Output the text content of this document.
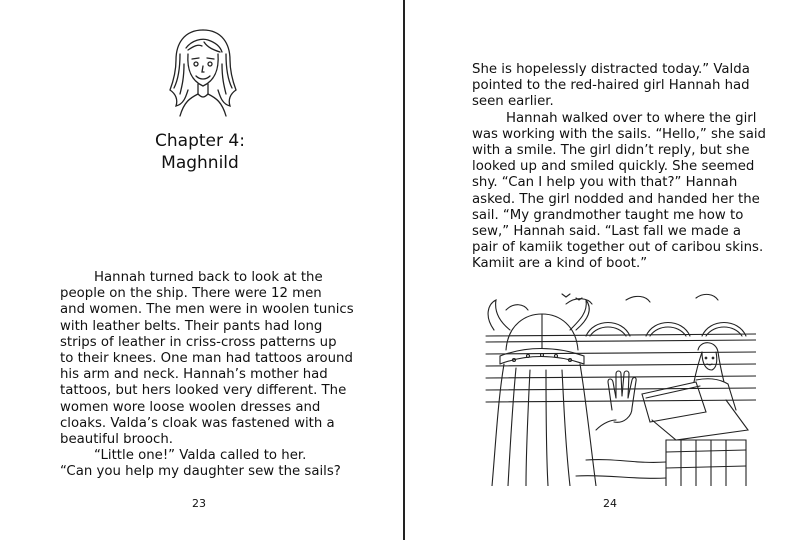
Chapter 4:
Maghnild
Hannah turned back to look at the
people on the ship. There were 12 men
and women. The men were in woolen tunics
with leather belts. Their pants had long
strips of leather in criss-cross patterns up
to their knees. One man had tattoos around
his arm and neck. Hannah’s mother had
tattoos, but hers looked very different. The
women wore loose woolen dresses and
cloaks. Valda’s cloak was fastened with a
beautiful brooch.
“Little one!” Valda called to her.
“Can you help my daughter sew the sails?
23	24
She is hopelessly distracted today.” Valda
pointed to the red-haired girl Hannah had
seen earlier.
Hannah walked over to where the girl
was working with the sails. “Hello,” she said
with a smile. The girl didn’t reply, but she
looked up and smiled quickly. She seemed
shy. “Can I help you with that?” Hannah
asked. The girl nodded and handed her the
sail. “My grandmother taught me how to
sew,” Hannah said. “Last fall we made a
pair of kamiik together out of caribou skins.
Kamiit are a kind of boot.”
